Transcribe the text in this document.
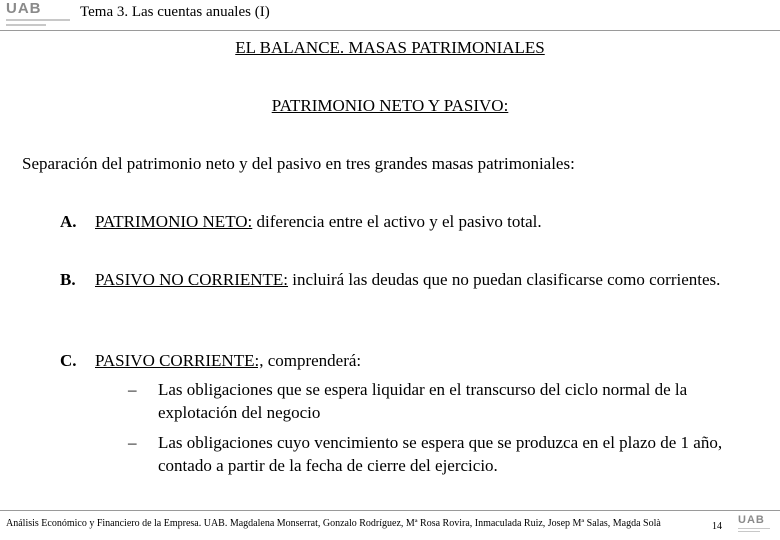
UAB	Tema 3. Las cuentas anuales (I)
EL BALANCE. MASAS PATRIMONIALES
PATRIMONIO NETO Y PASIVO:
Separación del patrimonio neto y del pasivo en tres grandes masas patrimoniales:
A. PATRIMONIO NETO: diferencia entre el activo y el pasivo total.
B. PASIVO NO CORRIENTE: incluirá las deudas que no puedan clasificarse como corrientes.
C. PASIVO CORRIENTE:, comprenderá:
– Las obligaciones que se espera liquidar en el transcurso del ciclo normal de la explotación del negocio
– Las obligaciones cuyo vencimiento se espera que se produzca en el plazo de 1 año, contado a partir de la fecha de cierre del ejercicio.
Análisis Económico y Financiero de la Empresa. UAB. Magdalena Monserrat, Gonzalo Rodríguez, Mª Rosa Rovira, Inmaculada Ruiz, Josep Mª Salas, Magda Solà	14
UAB
